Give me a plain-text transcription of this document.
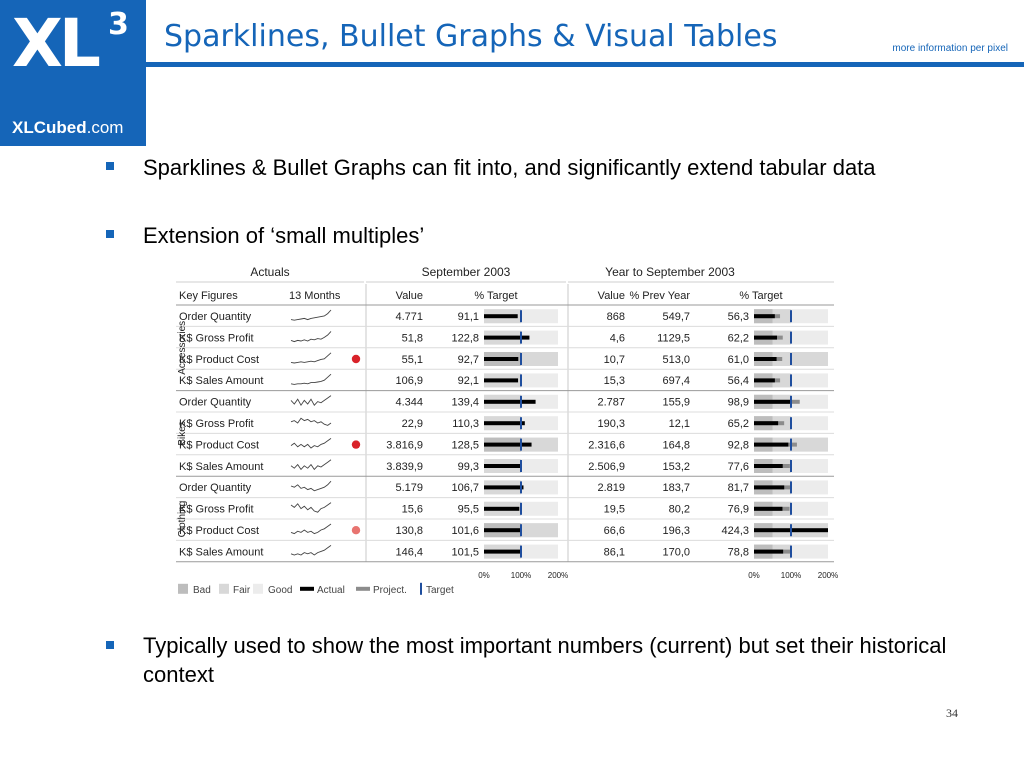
XL 3
XLCubed.com
Sparklines, Bullet Graphs & Visual Tables	more information per pixel
Sparklines & Bullet Graphs can fit into, and significantly extend tabular data
Extension of ‘small multiples’
Actuals	September 2003	Year to September 2003
Key Figures	13 Months	Value	% Target	Value % Prev Year	% Target
Accessories
Bikes
Clothing
Order Quantity	4.771	91,1	868	549,7	56,3
K$ Gross Profit	51,8	122,8	4,6	1129,5	62,2
K$ Product Cost	55,1	92,7	10,7	513,0	61,0
K$ Sales Amount	106,9	92,1	15,3	697,4	56,4
Order Quantity	4.344	139,4	2.787	155,9	98,9
K$ Gross Profit	22,9	110,3	190,3	12,1	65,2
K$ Product Cost	3.816,9	128,5	2.316,6	164,8	92,8
K$ Sales Amount	3.839,9	99,3	2.506,9	153,2	77,6
Order Quantity	5.179	106,7	2.819	183,7	81,7
K$ Gross Profit	15,6	95,5	19,5	80,2	76,9
K$ Product Cost	130,8	101,6	66,6	196,3	424,3
K$ Sales Amount	146,4	101,5	86,1	170,0	78,8
0%	100% 200%	0%	100% 200%
Bad Fair Good Actual	Project. Target
Typically used to show the most important numbers (current) but set their historical context
34
